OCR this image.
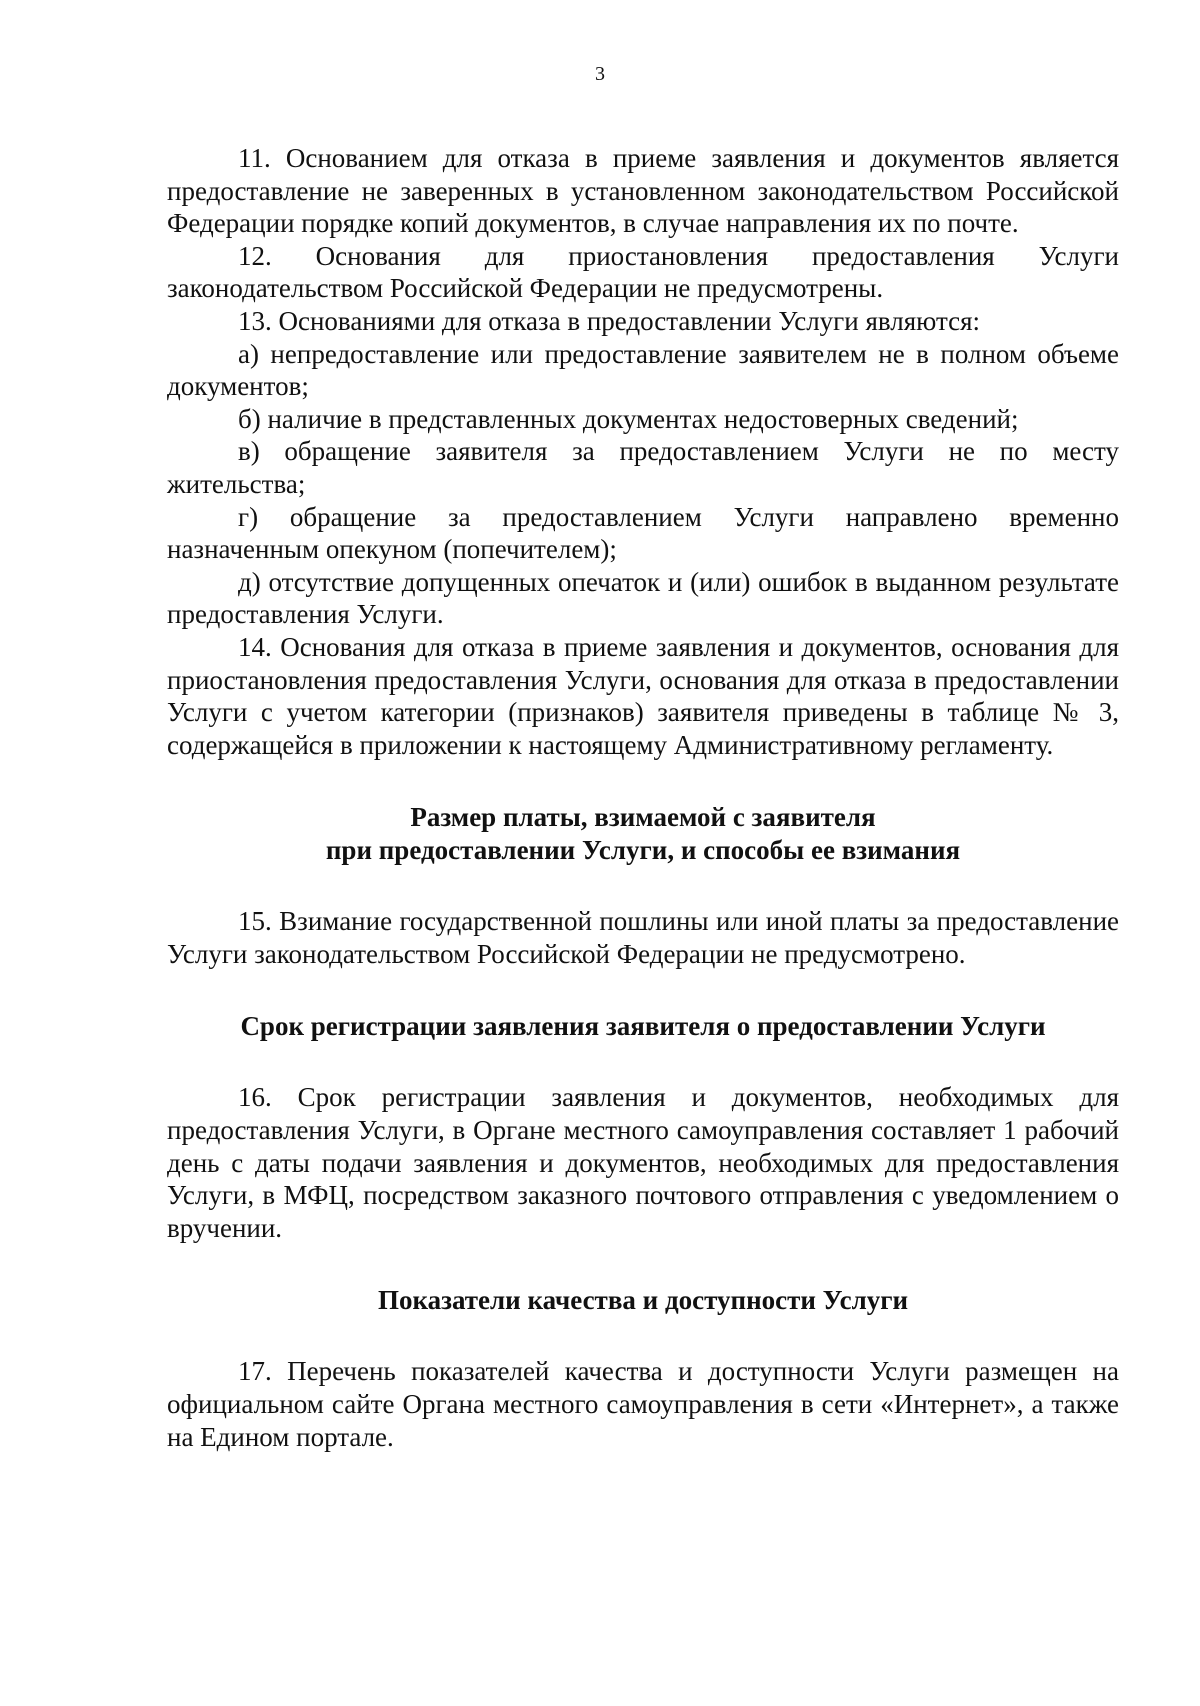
3

11. Основанием для отказа в приеме заявления и документов является предоставление не заверенных в установленном законодательством Российской Федерации порядке копий документов, в случае направления их по почте.

12. Основания для приостановления предоставления Услуги законодательством Российской Федерации не предусмотрены.

13. Основаниями для отказа в предоставлении Услуги являются:

а) непредоставление или предоставление заявителем не в полном объеме документов;

б) наличие в представленных документах недостоверных сведений;

в) обращение заявителя за предоставлением Услуги не по месту жительства;

г) обращение за предоставлением Услуги направлено временно назначенным опекуном (попечителем);

д) отсутствие допущенных опечаток и (или) ошибок в выданном результате предоставления Услуги.

14. Основания для отказа в приеме заявления и документов, основания для приостановления предоставления Услуги, основания для отказа в предоставлении Услуги с учетом категории (признаков) заявителя приведены в таблице № 3, содержащейся в приложении к настоящему Административному регламенту.

Размер платы, взимаемой с заявителя
при предоставлении Услуги, и способы ее взимания

15. Взимание государственной пошлины или иной платы за предоставление Услуги законодательством Российской Федерации не предусмотрено.

Срок регистрации заявления заявителя о предоставлении Услуги

16. Срок регистрации заявления и документов, необходимых для предоставления Услуги, в Органе местного самоуправления составляет 1 рабочий день с даты подачи заявления и документов, необходимых для предоставления Услуги, в МФЦ, посредством заказного почтового отправления с уведомлением о вручении.

Показатели качества и доступности Услуги

17. Перечень показателей качества и доступности Услуги размещен на официальном сайте Органа местного самоуправления в сети «Интернет», а также на Едином портале.
